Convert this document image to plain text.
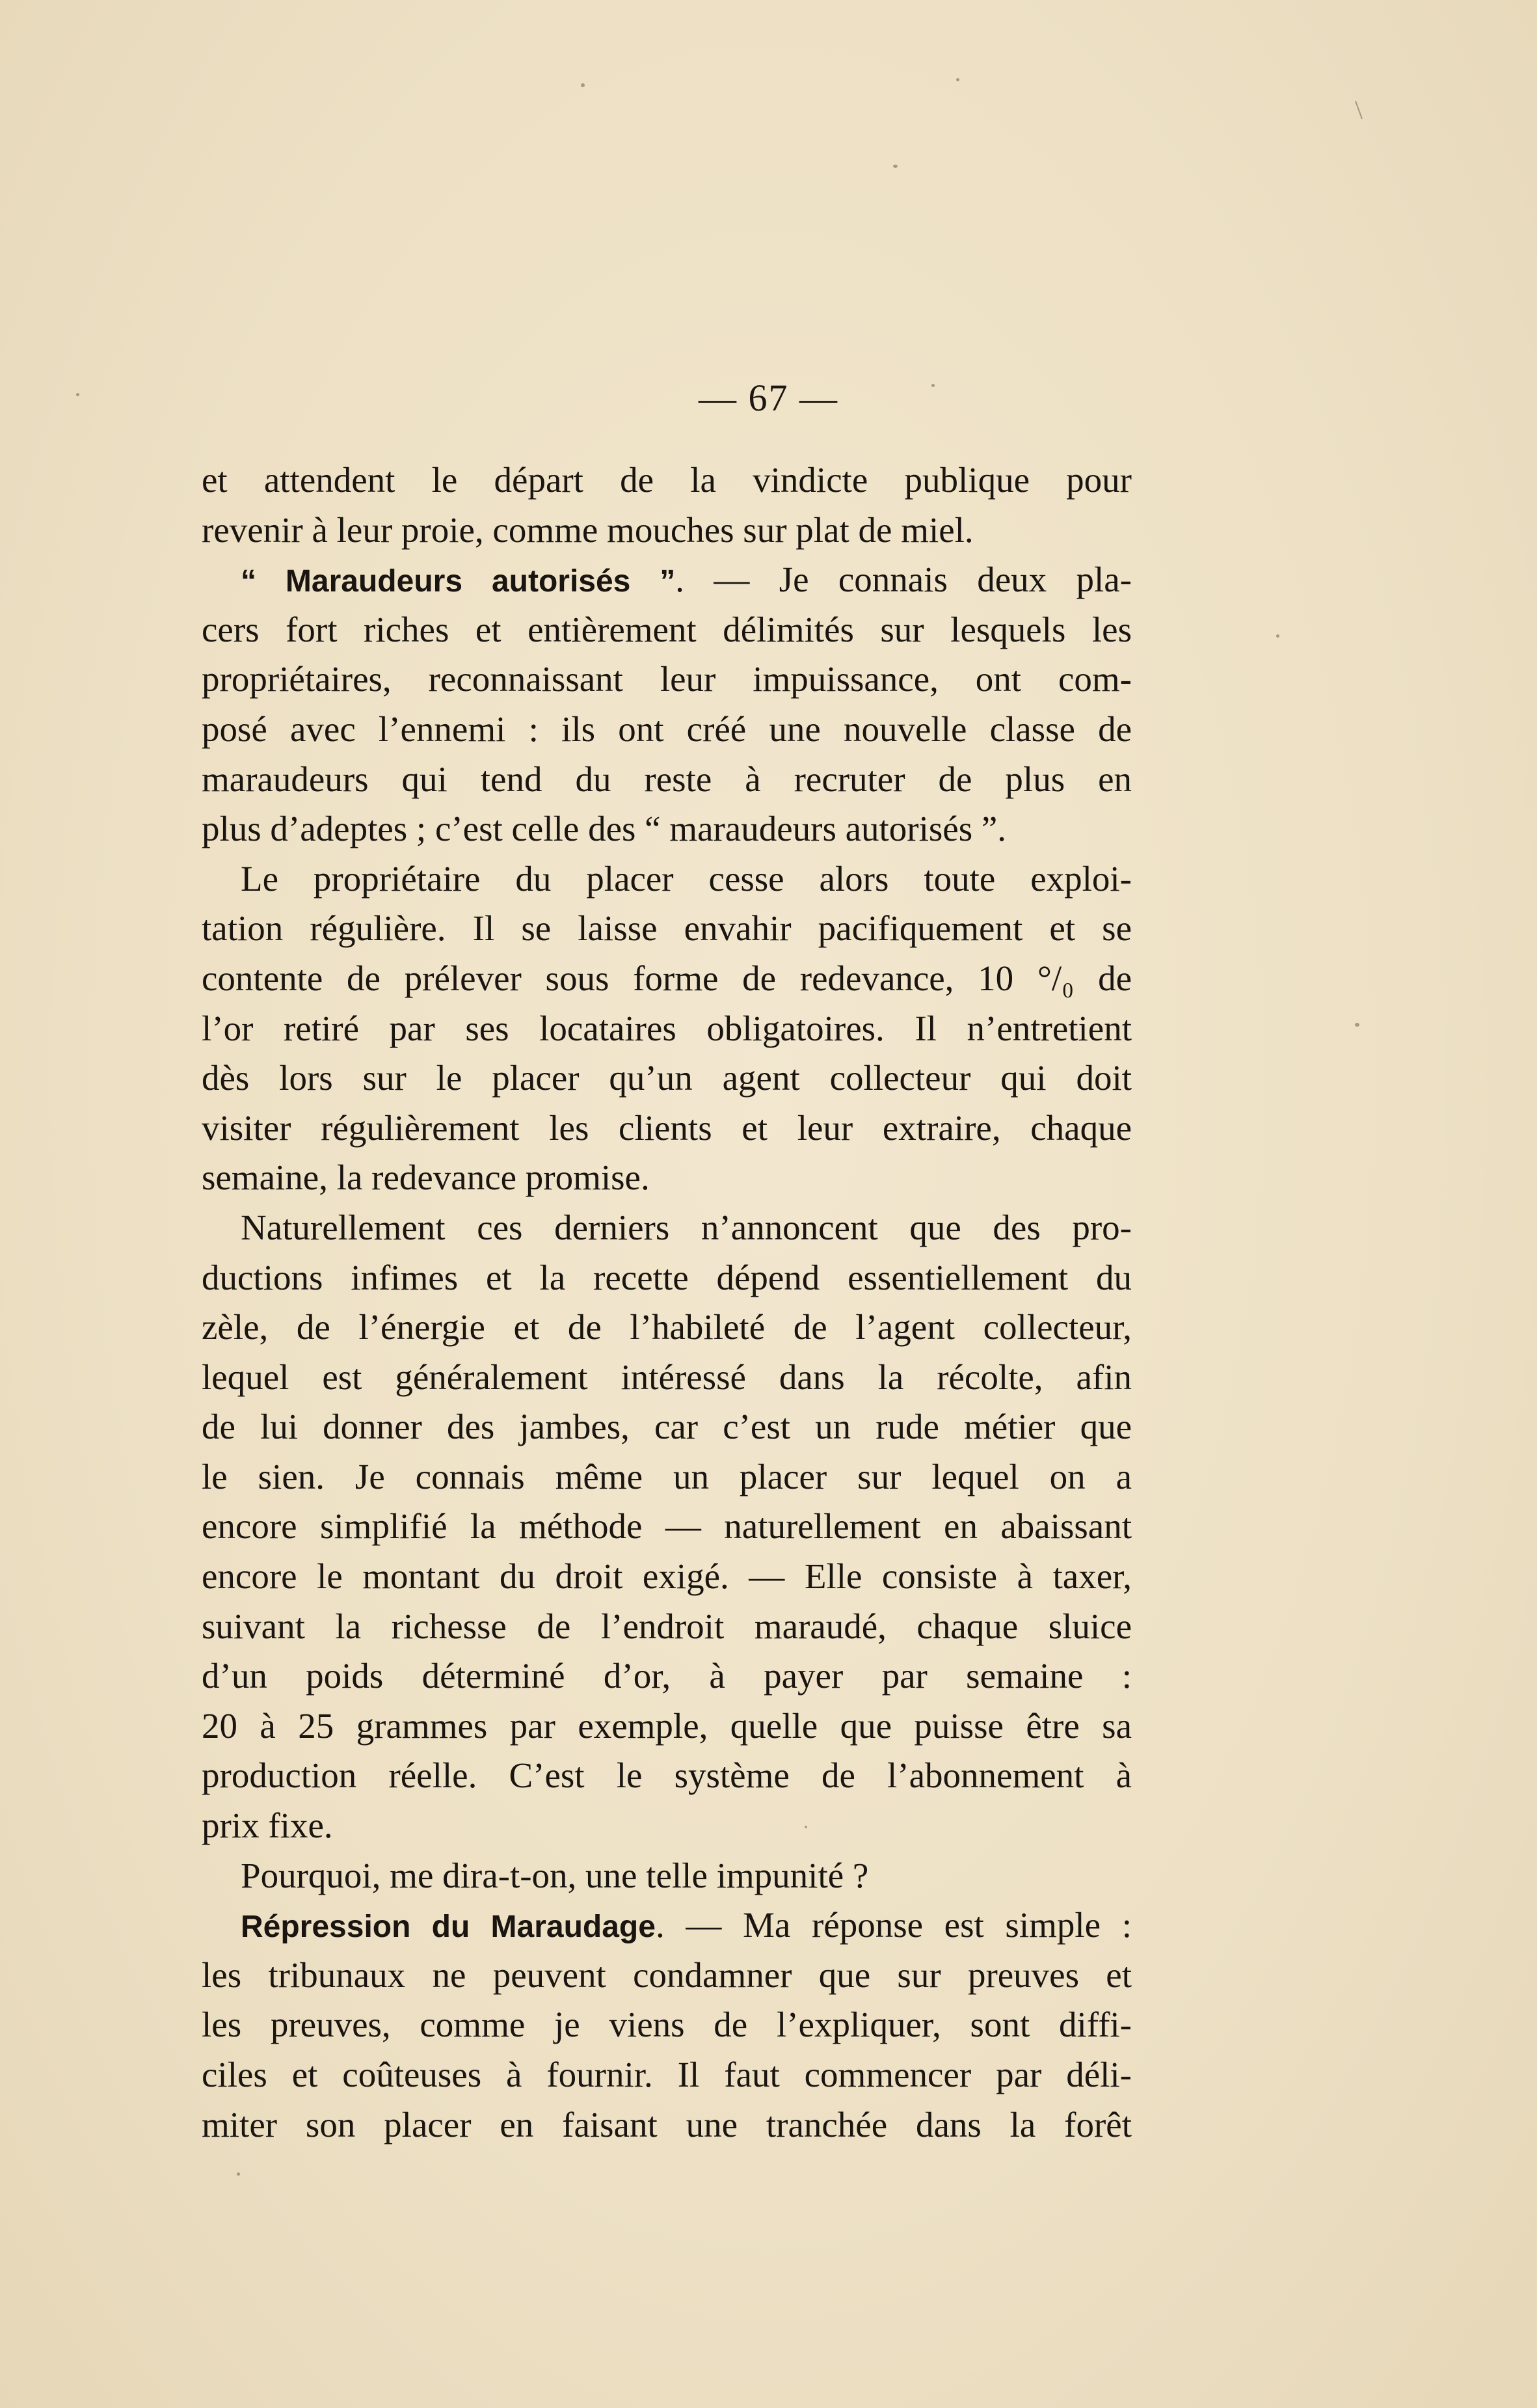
— 67 —
et attendent le départ de la vindicte publique pour
revenir à leur proie, comme mouches sur plat de miel.
“ Maraudeurs autorisés ”. — Je connais deux pla-
cers fort riches et entièrement délimités sur lesquels les
propriétaires, reconnaissant leur impuissance, ont com-
posé avec l’ennemi : ils ont créé une nouvelle classe de
maraudeurs qui tend du reste à recruter de plus en
plus d’adeptes ; c’est celle des “ maraudeurs autorisés ”.
Le propriétaire du placer cesse alors toute exploi-
tation régulière. Il se laisse envahir pacifiquement et se
contente de prélever sous forme de redevance, 10 °/₀ de
l’or retiré par ses locataires obligatoires. Il n’entretient
dès lors sur le placer qu’un agent collecteur qui doit
visiter régulièrement les clients et leur extraire, chaque
semaine, la redevance promise.
Naturellement ces derniers n’annoncent que des pro-
ductions infimes et la recette dépend essentiellement du
zèle, de l’énergie et de l’habileté de l’agent collecteur,
lequel est généralement intéressé dans la récolte, afin
de lui donner des jambes, car c’est un rude métier que
le sien. Je connais même un placer sur lequel on a
encore simplifié la méthode — naturellement en abaissant
encore le montant du droit exigé. — Elle consiste à taxer,
suivant la richesse de l’endroit maraudé, chaque sluice
d’un poids déterminé d’or, à payer par semaine :
20 à 25 grammes par exemple, quelle que puisse être sa
production réelle. C’est le système de l’abonnement à
prix fixe.
Pourquoi, me dira-t-on, une telle impunité ?
Répression du Maraudage. — Ma réponse est simple :
les tribunaux ne peuvent condamner que sur preuves et
les preuves, comme je viens de l’expliquer, sont diffi-
ciles et coûteuses à fournir. Il faut commencer par déli-
miter son placer en faisant une tranchée dans la forêt
